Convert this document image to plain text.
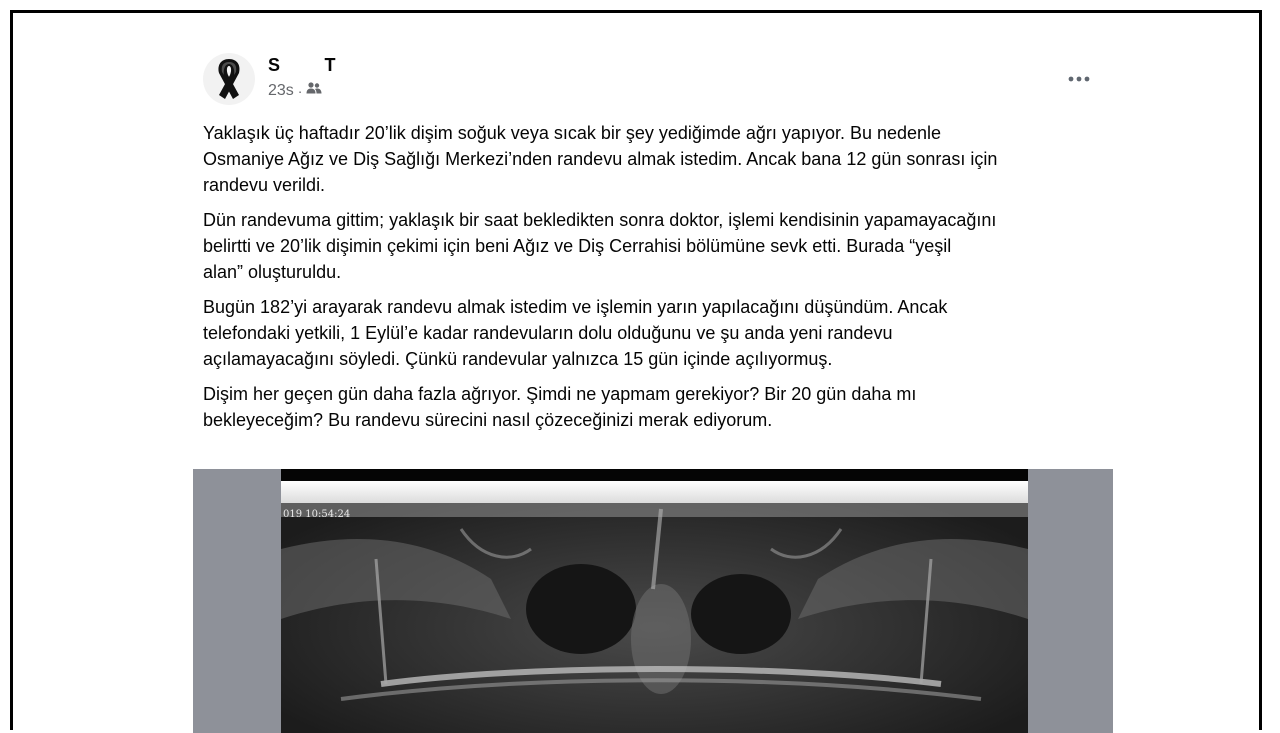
S        T
23s ·

Yaklaşık üç haftadır 20’lik dişim soğuk veya sıcak bir şey yediğimde ağrı yapıyor. Bu nedenle
Osmaniye Ağız ve Diş Sağlığı Merkezi’nden randevu almak istedim. Ancak bana 12 gün sonrası için
randevu verildi.

Dün randevuma gittim; yaklaşık bir saat bekledikten sonra doktor, işlemi kendisinin yapamayacağını
belirtti ve 20’lik dişimin çekimi için beni Ağız ve Diş Cerrahisi bölümüne sevk etti. Burada “yeşil
alan” oluşturuldu.

Bugün 182’yi arayarak randevu almak istedim ve işlemin yarın yapılacağını düşündüm. Ancak
telefondaki yetkili, 1 Eylül’e kadar randevuların dolu olduğunu ve şu anda yeni randevu
açılamayacağını söyledi. Çünkü randevular yalnızca 15 gün içinde açılıyormuş.

Dişim her geçen gün daha fazla ağrıyor. Şimdi ne yapmam gerekiyor? Bir 20 gün daha mı
bekleyeceğim? Bu randevu sürecini nasıl çözeceğinizi merak ediyorum.

019 10:54:24
